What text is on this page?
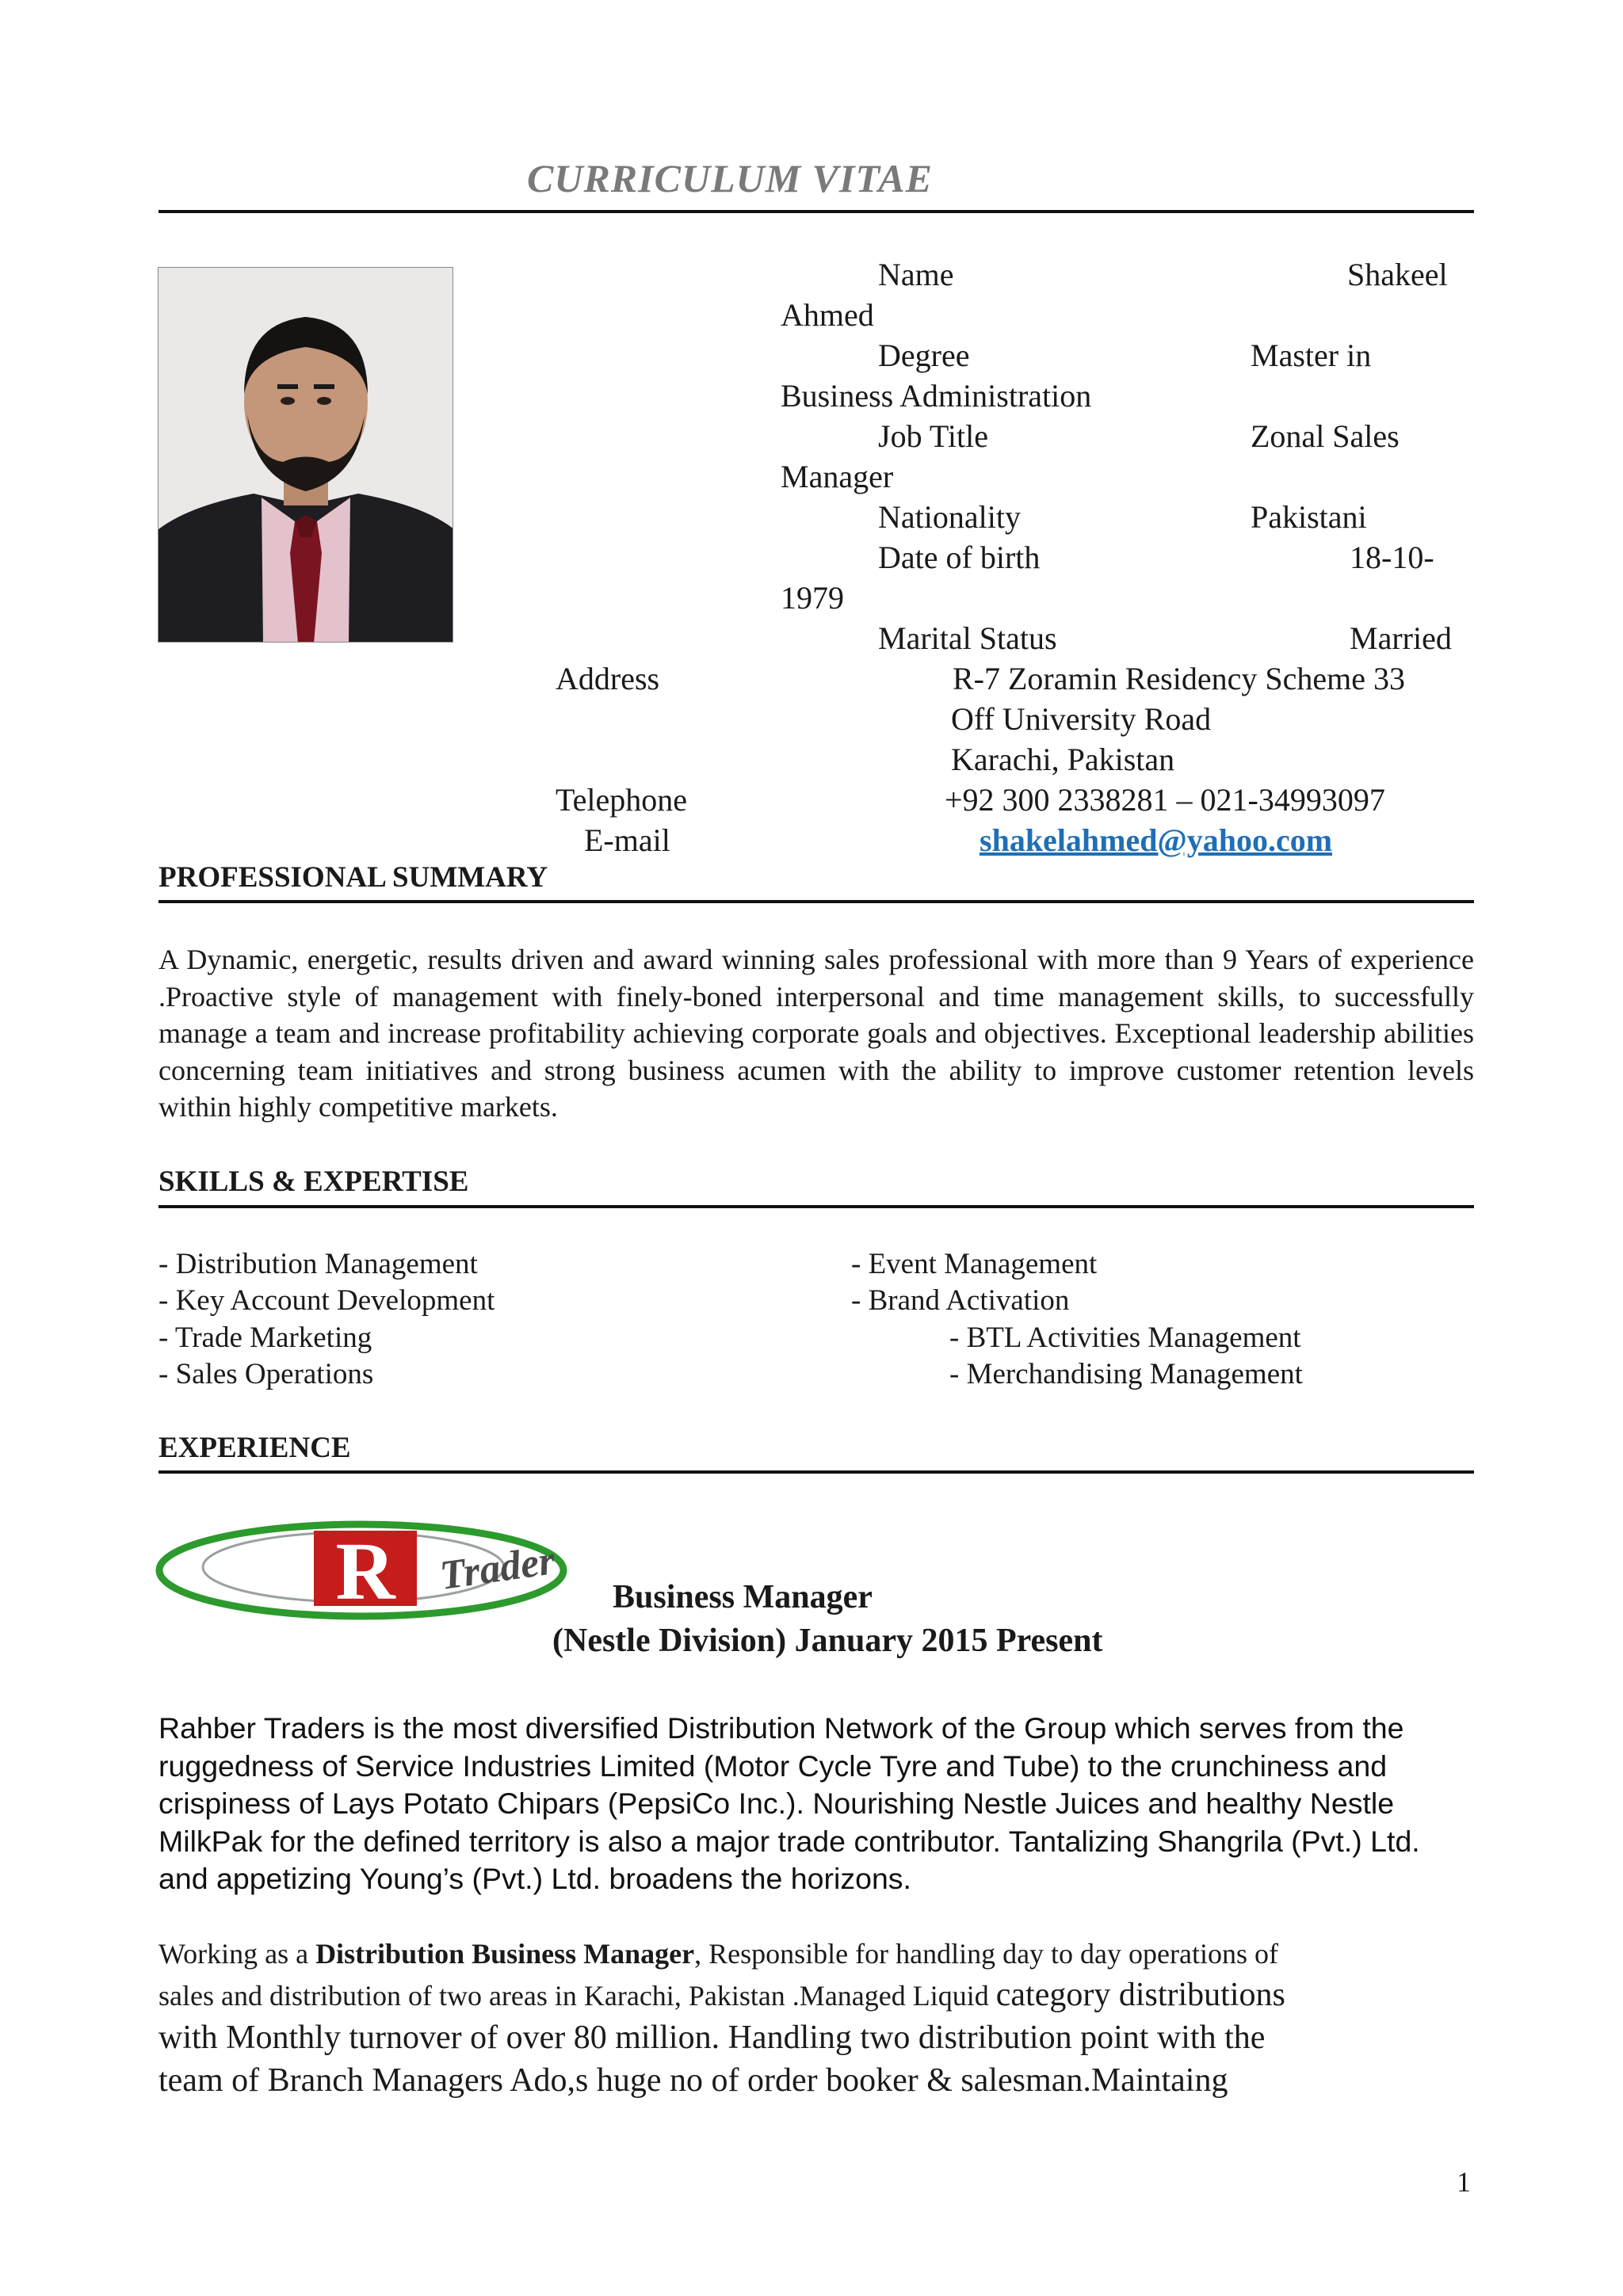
CURRICULUM VITAE
Name	Shakeel
Ahmed
Degree	Master in
Business Administration
Job Title	Zonal Sales
Manager
Nationality	Pakistani
Date of birth	18-10-
1979
Marital Status	Married
Address	R-7 Zoramin Residency Scheme 33
Off University Road
Karachi, Pakistan
Telephone	+92 300 2338281 – 021-34993097
E-mail	shakelahmed@yahoo.com
PROFESSIONAL SUMMARY
A Dynamic, energetic, results driven and award winning sales professional with more than 9 Years of experience .Proactive style of management with finely-boned interpersonal and time management skills, to successfully manage a team and increase profitability achieving corporate goals and objectives. Exceptional leadership abilities concerning team initiatives and strong business acumen with the ability to improve customer retention levels within highly competitive markets.
SKILLS & EXPERTISE
- Distribution Management
- Key Account Development
- Trade Marketing
- Sales Operations
- Event Management
- Brand Activation
- BTL Activities Management
- Merchandising Management
EXPERIENCE
R Trader Business Manager
(Nestle Division) January 2015 Present
Rahber Traders is the most diversified Distribution Network of the Group which serves from the ruggedness of Service Industries Limited (Motor Cycle Tyre and Tube) to the crunchiness and crispiness of Lays Potato Chipars (PepsiCo Inc.). Nourishing Nestle Juices and healthy Nestle MilkPak for the defined territory is also a major trade contributor. Tantalizing Shangrila (Pvt.) Ltd. and appetizing Young’s (Pvt.) Ltd. broadens the horizons.
Working as a Distribution Business Manager, Responsible for handling day to day operations of
sales and distribution of two areas in Karachi, Pakistan .Managed Liquid category distributions
with Monthly turnover of over 80 million. Handling two distribution point with the
team of Branch Managers Ado,s huge no of order booker & salesman.Maintaing
1
